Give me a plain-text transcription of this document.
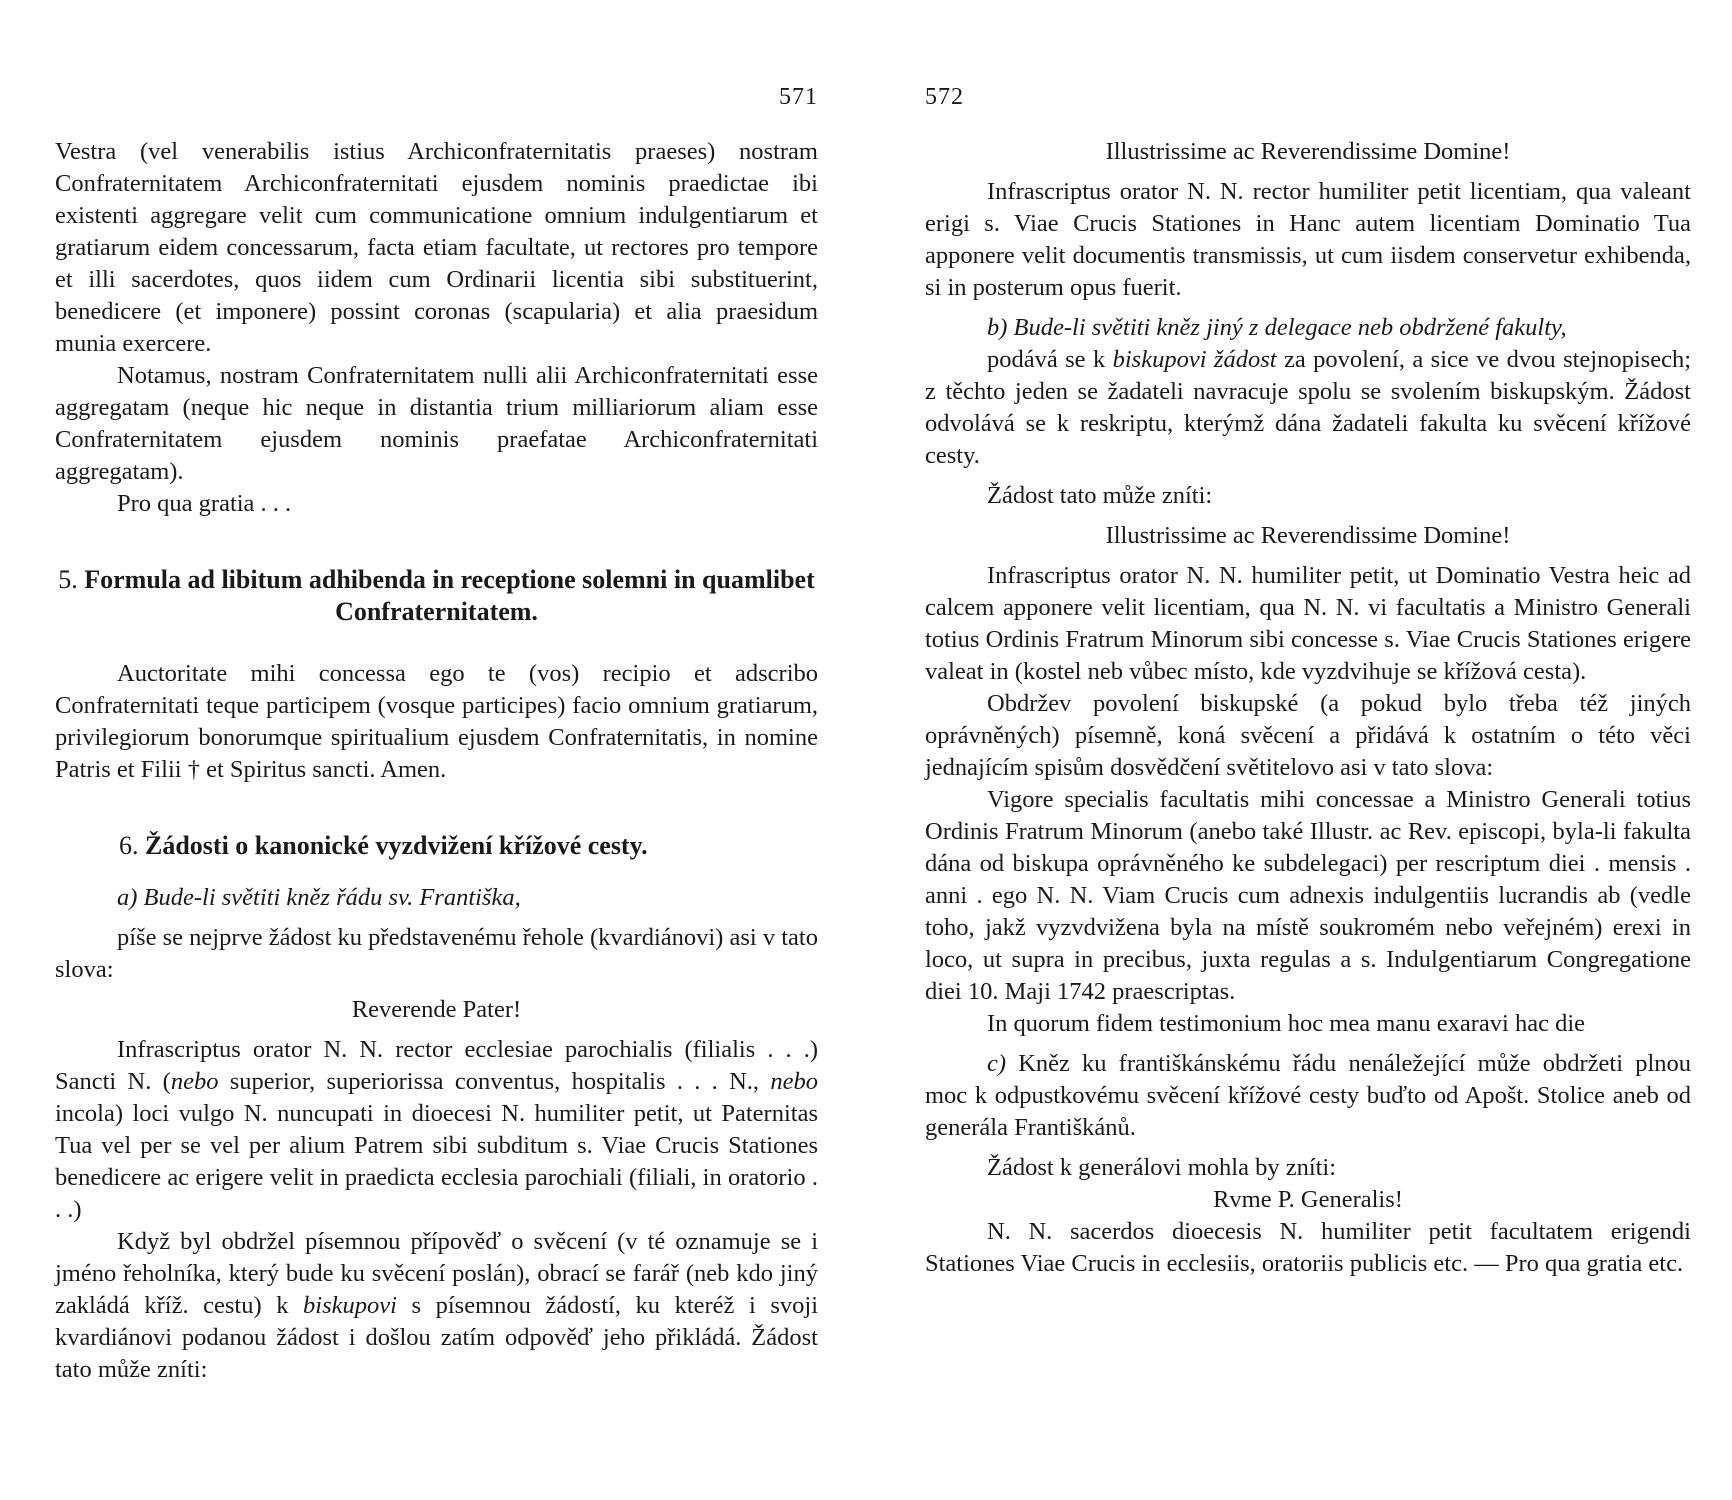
571

Vestra (vel venerabilis istius Archiconfraternitatis praeses) nostram Confraternitatem Archiconfraternitati ejusdem nominis praedictae ibi existenti aggregare velit cum communicatione omnium indulgentiarum et gratiarum eidem concessarum, facta etiam facultate, ut rectores pro tempore et illi sacerdotes, quos iidem cum Ordinarii licentia sibi substituerint, benedicere (et imponere) possint coronas (scapularia) et alia praesidum munia exercere.

Notamus, nostram Confraternitatem nulli alii Archiconfraternitati esse aggregatam (neque hic neque in distantia trium milliariorum aliam esse Confraternitatem ejusdem nominis praefatae Archiconfraternitati aggregatam).

Pro qua gratia . . .

5. Formula ad libitum adhibenda in receptione solemni in quamlibet Confraternitatem.

Auctoritate mihi concessa ego te (vos) recipio et adscribo Confraternitati teque participem (vosque participes) facio omnium gratiarum, privilegiorum bonorumque spiritualium ejusdem Confraternitatis, in nomine Patris et Filii † et Spiritus sancti. Amen.

6. Žádosti o kanonické vyzdvižení křížové cesty.

a) Bude-li světiti kněz řádu sv. Františka,

píše se nejprve žádost ku představenému řehole (kvardiánovi) asi v tato slova:

Reverende Pater!

Infrascriptus orator N. N. rector ecclesiae parochialis (filialis . . .) Sancti N. (nebo superior, superiorissa conventus, hospitalis . . . N., nebo incola) loci vulgo N. nuncupati in dioecesi N. humiliter petit, ut Paternitas Tua vel per se vel per alium Patrem sibi subditum s. Viae Crucis Stationes benedicere ac erigere velit in praedicta ecclesia parochiali (filiali, in oratorio . . .)

Když byl obdržel písemnou přípověď o svěcení (v té oznamuje se i jméno řeholníka, který bude ku svěcení poslán), obrací se farář (neb kdo jiný zakládá kříž. cestu) k biskupovi s písemnou žádostí, ku kteréž i svoji kvardiánovi podanou žádost i došlou zatím odpověď jeho přikládá. Žádost tato může zníti:

572

Illustrissime ac Reverendissime Domine!

Infrascriptus orator N. N. rector humiliter petit licentiam, qua valeant erigi s. Viae Crucis Stationes in Hanc autem licentiam Dominatio Tua apponere velit documentis transmissis, ut cum iisdem conservetur exhibenda, si in posterum opus fuerit.

b) Bude-li světiti kněz jiný z delegace neb obdržené fakulty,

podává se k biskupovi žádost za povolení, a sice ve dvou stejnopisech; z těchto jeden se žadateli navracuje spolu se svolením biskupským. Žádost odvolává se k reskriptu, kterýmž dána žadateli fakulta ku svěcení křížové cesty.

Žádost tato může zníti:

Illustrissime ac Reverendissime Domine!

Infrascriptus orator N. N. humiliter petit, ut Dominatio Vestra heic ad calcem apponere velit licentiam, qua N. N. vi facultatis a Ministro Generali totius Ordinis Fratrum Minorum sibi concesse s. Viae Crucis Stationes erigere valeat in (kostel neb vůbec místo, kde vyzdvihuje se křížová cesta).

Obdržev povolení biskupské (a pokud bylo třeba též jiných oprávněných) písemně, koná svěcení a přidává k ostatním o této věci jednajícím spisům dosvědčení světitelovo asi v tato slova:

Vigore specialis facultatis mihi concessae a Ministro Generali totius Ordinis Fratrum Minorum (anebo také Illustr. ac Rev. episcopi, byla-li fakulta dána od biskupa oprávněného ke subdelegaci) per rescriptum diei . mensis . anni . ego N. N. Viam Crucis cum adnexis indulgentiis lucrandis ab (vedle toho, jakž vyzvdvižena byla na místě soukromém nebo veřejném) erexi in loco, ut supra in precibus, juxta regulas a s. Indulgentiarum Congregatione diei 10. Maji 1742 praescriptas.

In quorum fidem testimonium hoc mea manu exaravi hac die

c) Kněz ku františkánskému řádu nenáležející může obdržeti plnou moc k odpustkovému svěcení křížové cesty buďto od Apošt. Stolice aneb od generála Františkánů.

Žádost k generálovi mohla by zníti:

Rvme P. Generalis!

N. N. sacerdos dioecesis N. humiliter petit facultatem erigendi Stationes Viae Crucis in ecclesiis, oratoriis publicis etc. — Pro qua gratia etc.
